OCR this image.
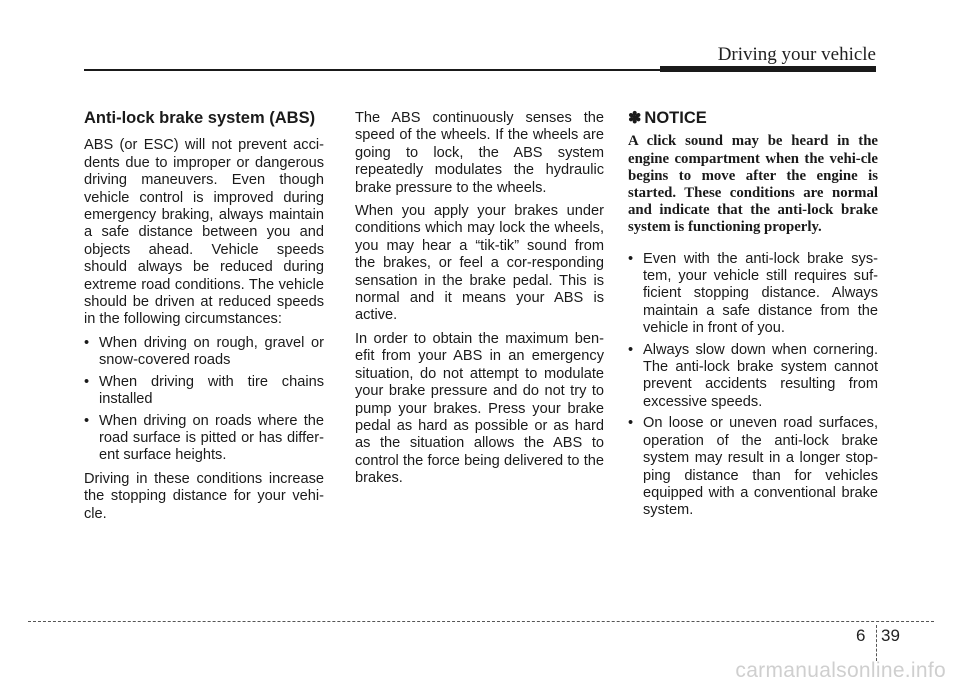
Driving your vehicle
Anti-lock brake system (ABS)

ABS (or ESC) will not prevent acci-dents due to improper or dangerous driving maneuvers. Even though vehicle control is improved during emergency braking, always maintain a safe distance between you and objects ahead. Vehicle speeds should always be reduced during extreme road conditions. The vehicle should be driven at reduced speeds in the following circumstances:

• When driving on rough, gravel or snow-covered roads
• When driving with tire chains installed
• When driving on roads where the road surface is pitted or has differ-ent surface heights.

Driving in these conditions increase the stopping distance for your vehi-cle.

The ABS continuously senses the speed of the wheels. If the wheels are going to lock, the ABS system repeatedly modulates the hydraulic brake pressure to the wheels.

When you apply your brakes under conditions which may lock the wheels, you may hear a “tik-tik” sound from the brakes, or feel a cor-responding sensation in the brake pedal. This is normal and it means your ABS is active.

In order to obtain the maximum ben-efit from your ABS in an emergency situation, do not attempt to modulate your brake pressure and do not try to pump your brakes. Press your brake pedal as hard as possible or as hard as the situation allows the ABS to control the force being delivered to the brakes.

✽ NOTICE
A click sound may be heard in the engine compartment when the vehi-cle begins to move after the engine is started. These conditions are normal and indicate that the anti-lock brake system is functioning properly.
• Even with the anti-lock brake sys-tem, your vehicle still requires suf-ficient stopping distance. Always maintain a safe distance from the vehicle in front of you.
• Always slow down when cornering. The anti-lock brake system cannot prevent accidents resulting from excessive speeds.
• On loose or uneven road surfaces, operation of the anti-lock brake system may result in a longer stop-ping distance than for vehicles equipped with a conventional brake system.
6 39
carmanualsonline.info
